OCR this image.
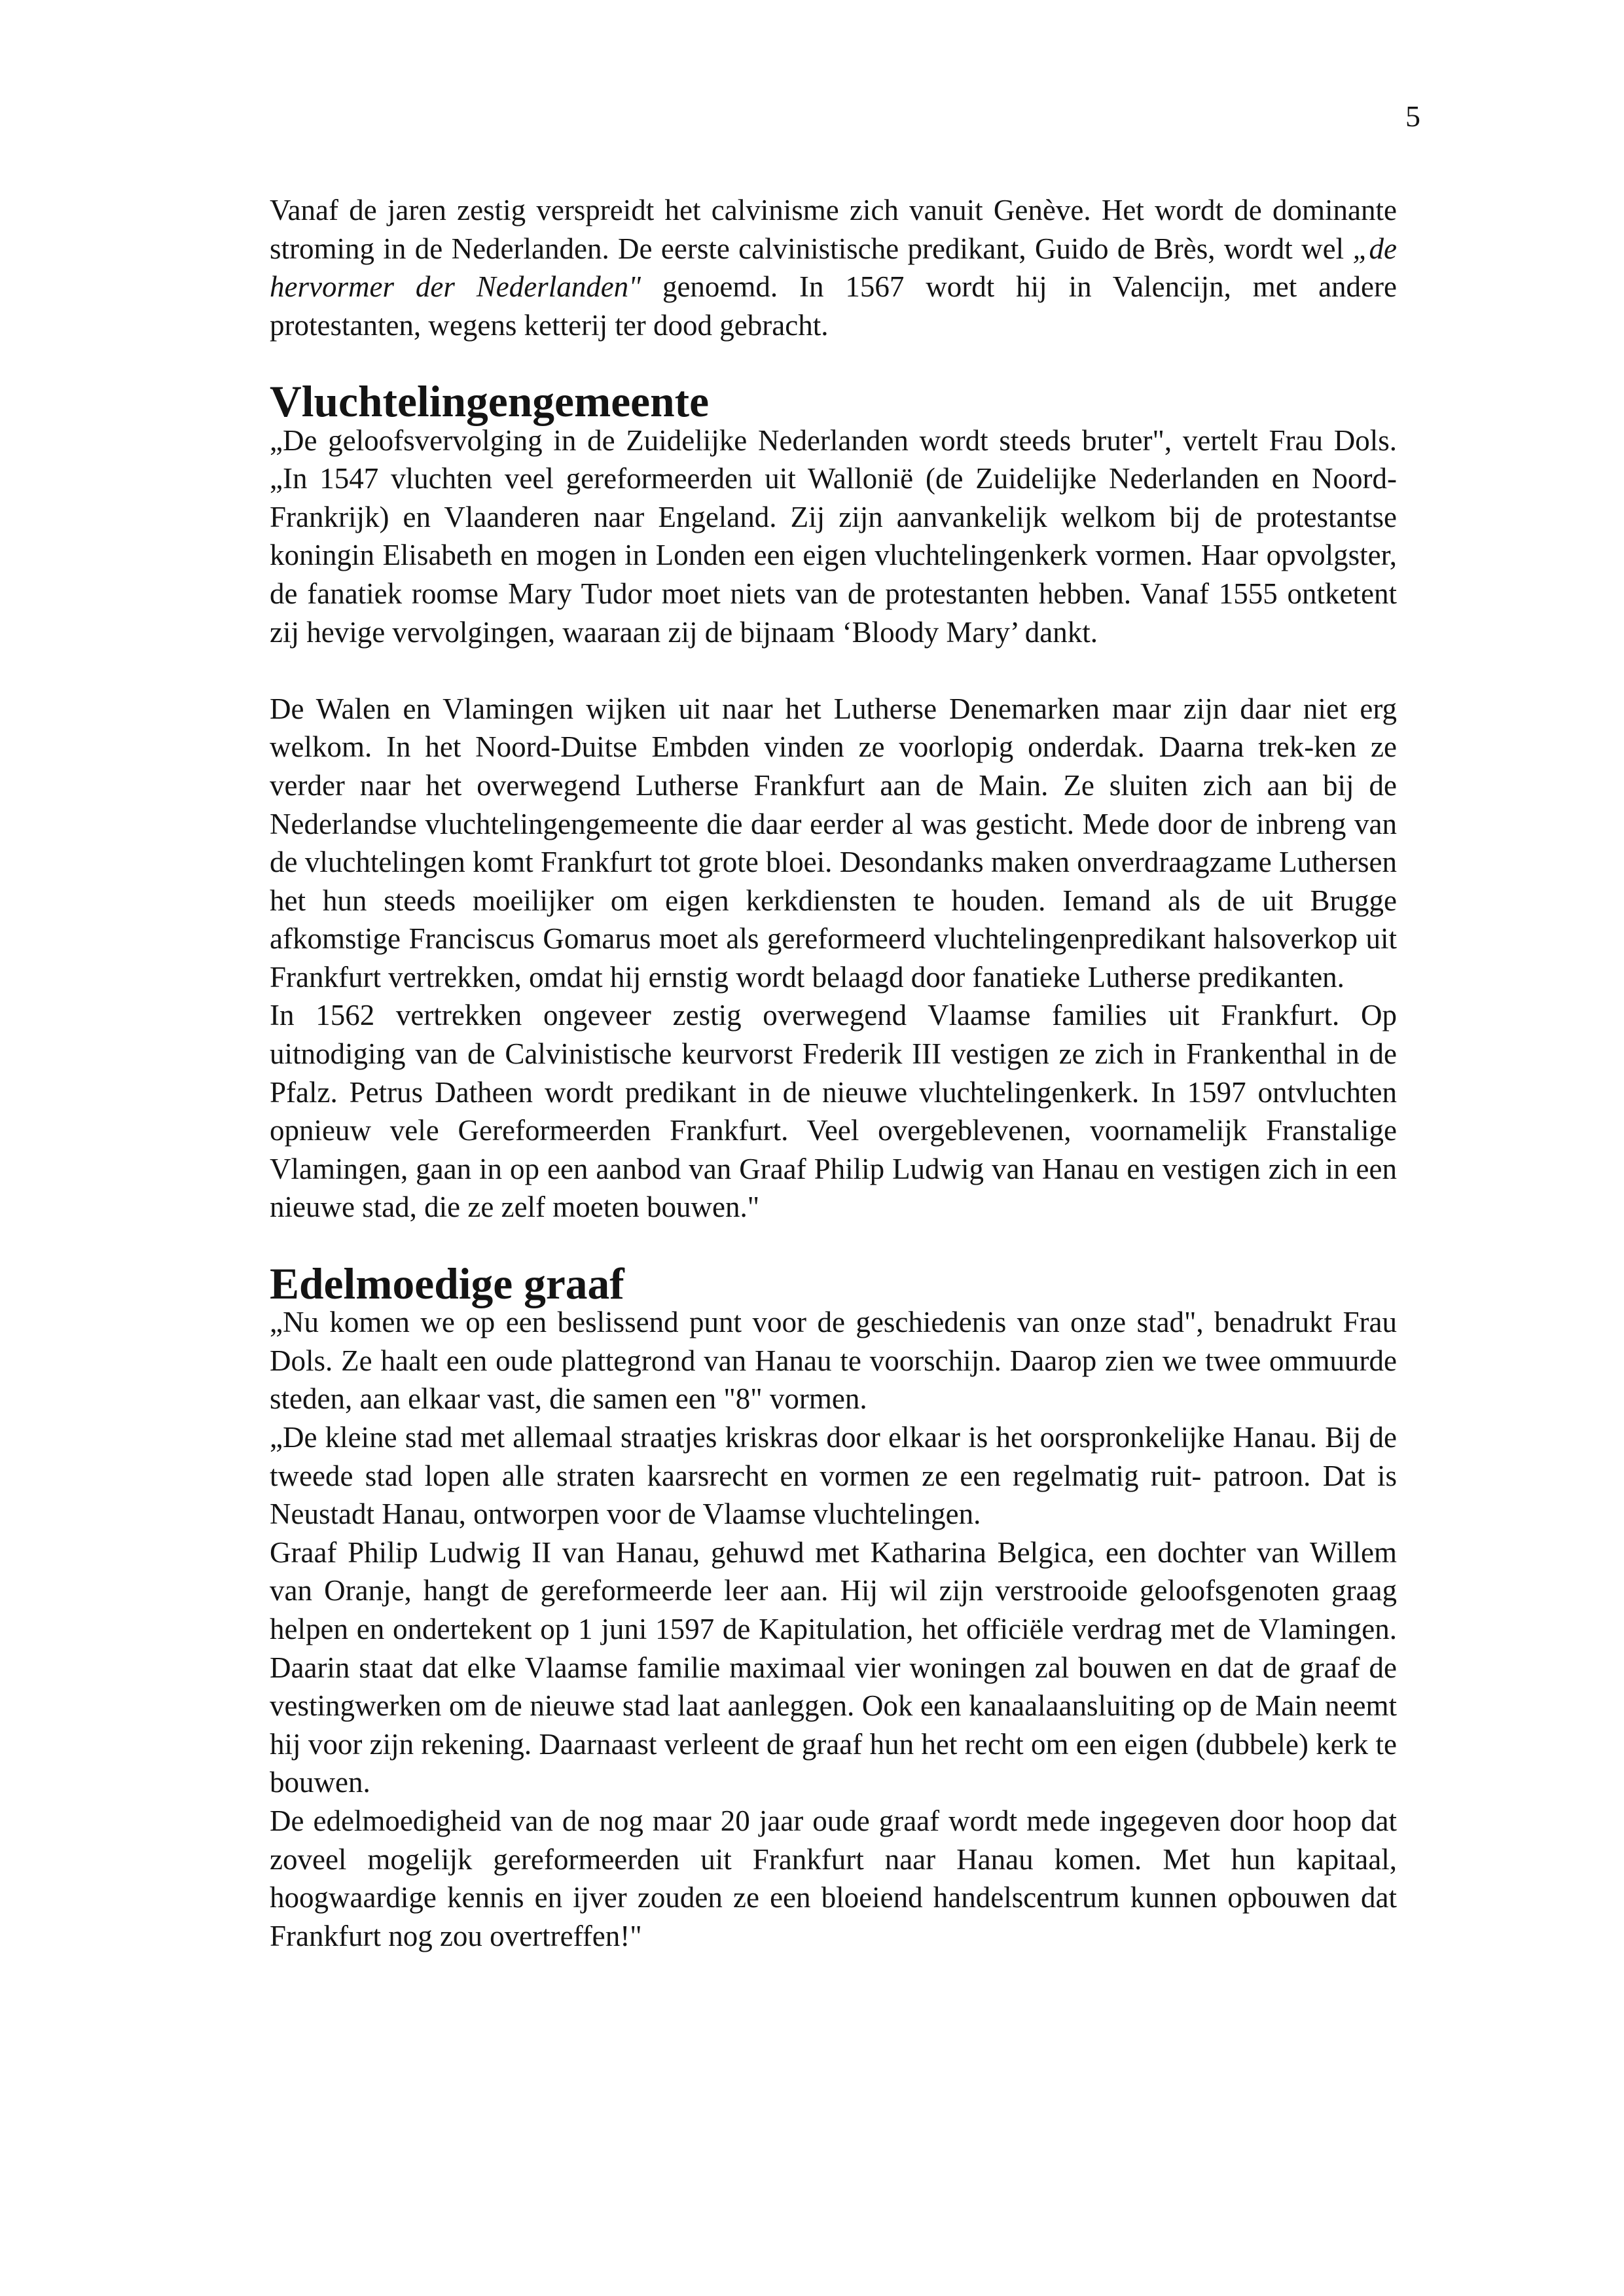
5

Vanaf de jaren zestig verspreidt het calvinisme zich vanuit Genève. Het wordt de dominante stroming in de Nederlanden. De eerste calvinistische predikant, Guido de Brès, wordt wel „de hervormer der Nederlanden" genoemd. In 1567 wordt hij in Valencijn, met andere protestanten, wegens ketterij ter dood gebracht.

Vluchtelingengemeente

„De geloofsvervolging in de Zuidelijke Nederlanden wordt steeds bruter", vertelt Frau Dols. „In 1547 vluchten veel gereformeerden uit Wallonië (de Zuidelijke Nederlanden en Noord- Frankrijk) en Vlaanderen naar Engeland. Zij zijn aanvankelijk welkom bij de protestantse koningin Elisabeth en mogen in Londen een eigen vluchtelingenkerk vormen. Haar opvolgster, de fanatiek roomse Mary Tudor moet niets van de protestanten hebben. Vanaf 1555 ontketent zij hevige vervolgingen, waaraan zij de bijnaam ‘Bloody Mary’ dankt.

De Walen en Vlamingen wijken uit naar het Lutherse Denemarken maar zijn daar niet erg welkom. In het Noord-Duitse Embden vinden ze voorlopig onderdak. Daarna trek-ken ze verder naar het overwegend Lutherse Frankfurt aan de Main. Ze sluiten zich aan bij de Nederlandse vluchtelingengemeente die daar eerder al was gesticht. Mede door de inbreng van de vluchtelingen komt Frankfurt tot grote bloei. Desondanks maken onverdraagzame Luthersen het hun steeds moeilijker om eigen kerkdiensten te houden. Iemand als de uit Brugge afkomstige Franciscus Gomarus moet als gereformeerd vluchtelingenpredikant halsoverkop uit Frankfurt vertrekken, omdat hij ernstig wordt belaagd door fanatieke Lutherse predikanten.

In 1562 vertrekken ongeveer zestig overwegend Vlaamse families uit Frankfurt. Op uitnodiging van de Calvinistische keurvorst Frederik III vestigen ze zich in Frankenthal in de Pfalz. Petrus Datheen wordt predikant in de nieuwe vluchtelingenkerk. In 1597 ontvluchten opnieuw vele Gereformeerden Frankfurt. Veel overgeblevenen, voornamelijk Franstalige Vlamingen, gaan in op een aanbod van Graaf Philip Ludwig van Hanau en vestigen zich in een nieuwe stad, die ze zelf moeten bouwen."

Edelmoedige graaf

„Nu komen we op een beslissend punt voor de geschiedenis van onze stad", benadrukt Frau Dols. Ze haalt een oude plattegrond van Hanau te voorschijn. Daarop zien we twee ommuurde steden, aan elkaar vast, die samen een "8" vormen.

„De kleine stad met allemaal straatjes kriskras door elkaar is het oorspronkelijke Hanau. Bij de tweede stad lopen alle straten kaarsrecht en vormen ze een regelmatig ruit- patroon. Dat is Neustadt Hanau, ontworpen voor de Vlaamse vluchtelingen.

Graaf Philip Ludwig II van Hanau, gehuwd met Katharina Belgica, een dochter van Willem van Oranje, hangt de gereformeerde leer aan. Hij wil zijn verstrooide geloofsgenoten graag helpen en ondertekent op 1 juni 1597 de Kapitulation, het officiële verdrag met de Vlamingen. Daarin staat dat elke Vlaamse familie maximaal vier woningen zal bouwen en dat de graaf de vestingwerken om de nieuwe stad laat aanleggen. Ook een kanaalaansluiting op de Main neemt hij voor zijn rekening. Daarnaast verleent de graaf hun het recht om een eigen (dubbele) kerk te bouwen.

De edelmoedigheid van de nog maar 20 jaar oude graaf wordt mede ingegeven door hoop dat zoveel mogelijk gereformeerden uit Frankfurt naar Hanau komen. Met hun kapitaal, hoogwaardige kennis en ijver zouden ze een bloeiend handelscentrum kunnen opbouwen dat Frankfurt nog zou overtreffen!"
